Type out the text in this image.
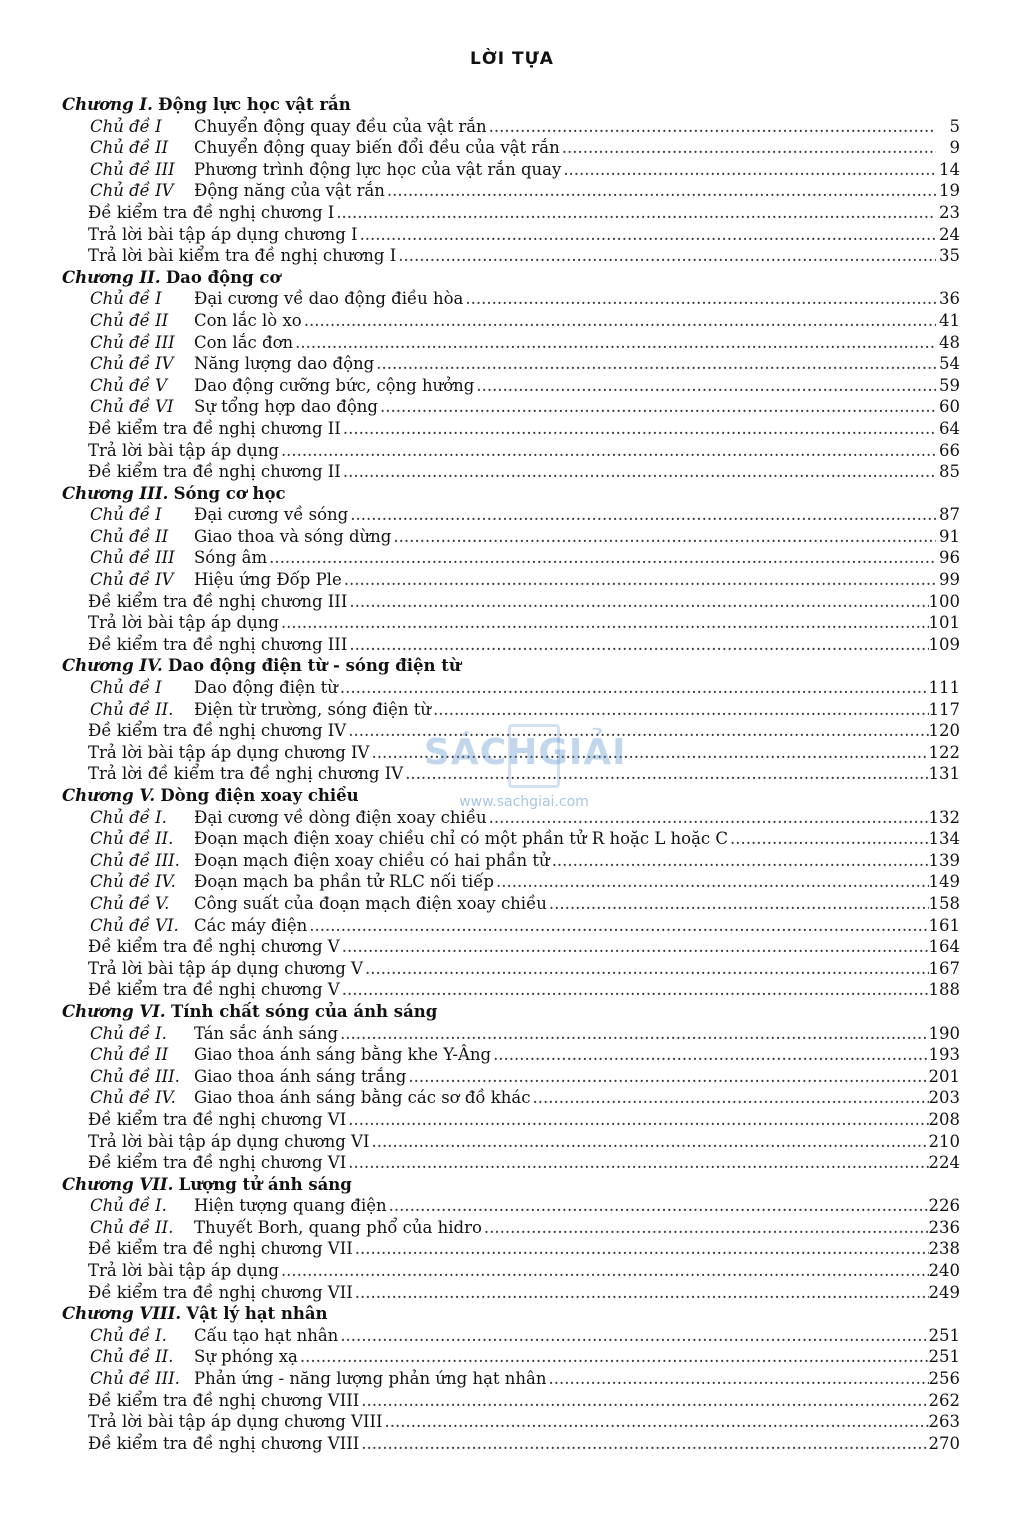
LỜI TỰA
Chương I. Động lực học vật rắn
Chủ đề I	Chuyển động quay đều của vật rắn .....	5
Chủ đề II	Chuyển động quay biến đổi đều của vật rắn .....	9
Chủ đề III	Phương trình động lực học của vật rắn quay .....	14
Chủ đề IV	Động năng của vật rắn .....	19
Đề kiểm tra đề nghị chương I .....	23
Trả lời bài tập áp dụng chương I .....	24
Trả lời bài kiểm tra đề nghị chương I .....	35
Chương II. Dao động cơ
Chủ đề I	Đại cương về dao động điều hòa .....	36
Chủ đề II	Con lắc lò xo .....	41
Chủ đề III	Con lắc đơn .....	48
Chủ đề IV	Năng lượng dao động .....	54
Chủ đề V	Dao động cưỡng bức, cộng hưởng .....	59
Chủ đề VI	Sự tổng hợp dao động .....	60
Đề kiểm tra đề nghị chương II .....	64
Trả lời bài tập áp dụng .....	66
Đề kiểm tra đề nghị chương II .....	85
Chương III. Sóng cơ học
Chủ đề I	Đại cương về sóng .....	87
Chủ đề II	Giao thoa và sóng dừng .....	91
Chủ đề III	Sóng âm .....	96
Chủ đề IV	Hiệu ứng Đốp Ple .....	99
Đề kiểm tra đề nghị chương III .....	100
Trả lời bài tập áp dụng .....	101
Đề kiểm tra đề nghị chương III .....	109
Chương IV. Dao động điện từ - sóng điện từ
Chủ đề I	Dao động điện từ .....	111
Chủ đề II.	Điện từ trường, sóng điện từ .....	117
Đề kiểm tra đề nghị chương IV .....	120
Trả lời bài tập áp dụng chương IV .....	122
Trả lời đề kiểm tra đề nghị chương IV .....	131
Chương V. Dòng điện xoay chiều
Chủ đề I.	Đại cương về dòng điện xoay chiều .....	132
Chủ đề II.	Đoạn mạch điện xoay chiều chỉ có một phần tử R hoặc L hoặc C .....	134
Chủ đề III. Đoạn mạch điện xoay chiều có hai phần tử .....	139
Chủ đề IV.	Đoạn mạch ba phần tử RLC nối tiếp .....	149
Chủ đề V.	Công suất của đoạn mạch điện xoay chiều .....	158
Chủ đề VI. Các máy điện .....	161
Đề kiểm tra đề nghị chương V .....	164
Trả lời bài tập áp dụng chương V .....	167
Đề kiểm tra đề nghị chương V .....	188
Chương VI. Tính chất sóng của ánh sáng
Chủ đề I.	Tán sắc ánh sáng .....	190
Chủ đề II	Giao thoa ánh sáng bằng khe Y-Âng .....	193
Chủ đề III. Giao thoa ánh sáng trắng .....	201
Chủ đề IV.	Giao thoa ánh sáng bằng các sơ đồ khác .....	203
Đề kiểm tra đề nghị chương VI .....	208
Trả lời bài tập áp dụng chương VI .....	210
Đề kiểm tra đề nghị chương VI .....	224
Chương VII. Lượng tử ánh sáng
Chủ đề I.	Hiện tượng quang điện .....	226
Chủ đề II.	Thuyết Borh, quang phổ của hidro .....	236
Đề kiểm tra đề nghị chương VII .....	238
Trả lời bài tập áp dụng .....	240
Đề kiểm tra đề nghị chương VII .....	249
Chương VIII. Vật lý hạt nhân
Chủ đề I.	Cấu tạo hạt nhân .....	251
Chủ đề II.	Sự phóng xạ .....	251
Chủ đề III. Phản ứng - năng lượng phản ứng hạt nhân .....	256
Đề kiểm tra đề nghị chương VIII .....	262
Trả lời bài tập áp dụng chương VIII .....	263
Đề kiểm tra đề nghị chương VIII .....	270
SÁCHGIẢI
www.sachgiai.com
